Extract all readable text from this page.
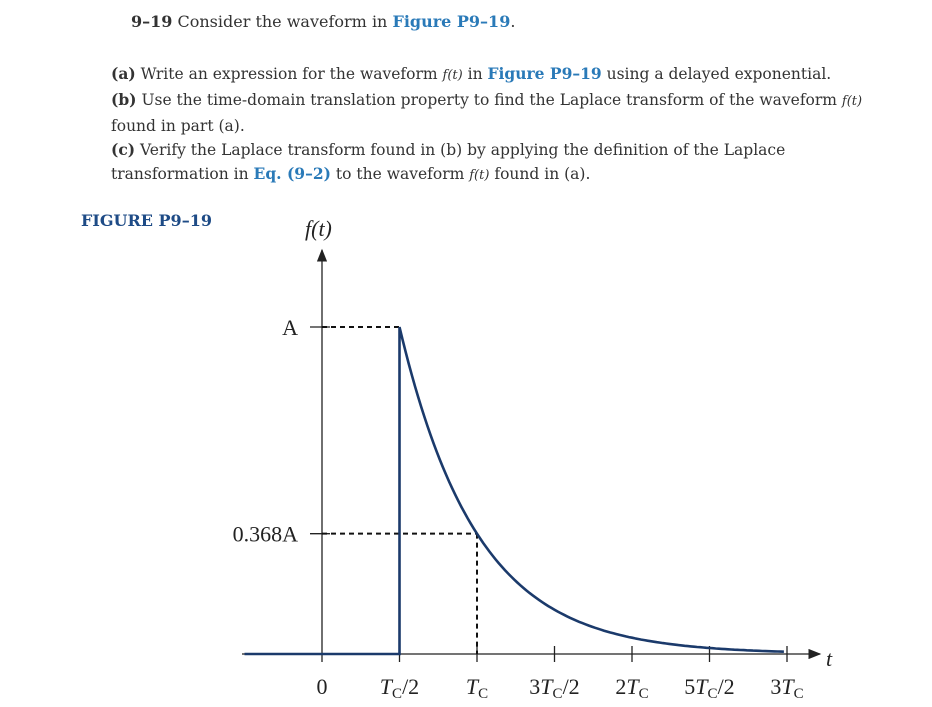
9–19 Consider the waveform in Figure P9–19.

(a) Write an expression for the waveform f(t) in Figure P9–19 using a delayed exponential.

(b) Use the time-domain translation property to find the Laplace transform of the waveform f(t) found in part (a).

(c) Verify the Laplace transform found in (b) by applying the definition of the Laplace transformation in Eq. (9–2) to the waveform f(t) found in (a).

FIGURE P9–19	f(t)
t
A
0.368A
0 TC/2 TC 3TC/2 2TC 5TC/2 3TC
